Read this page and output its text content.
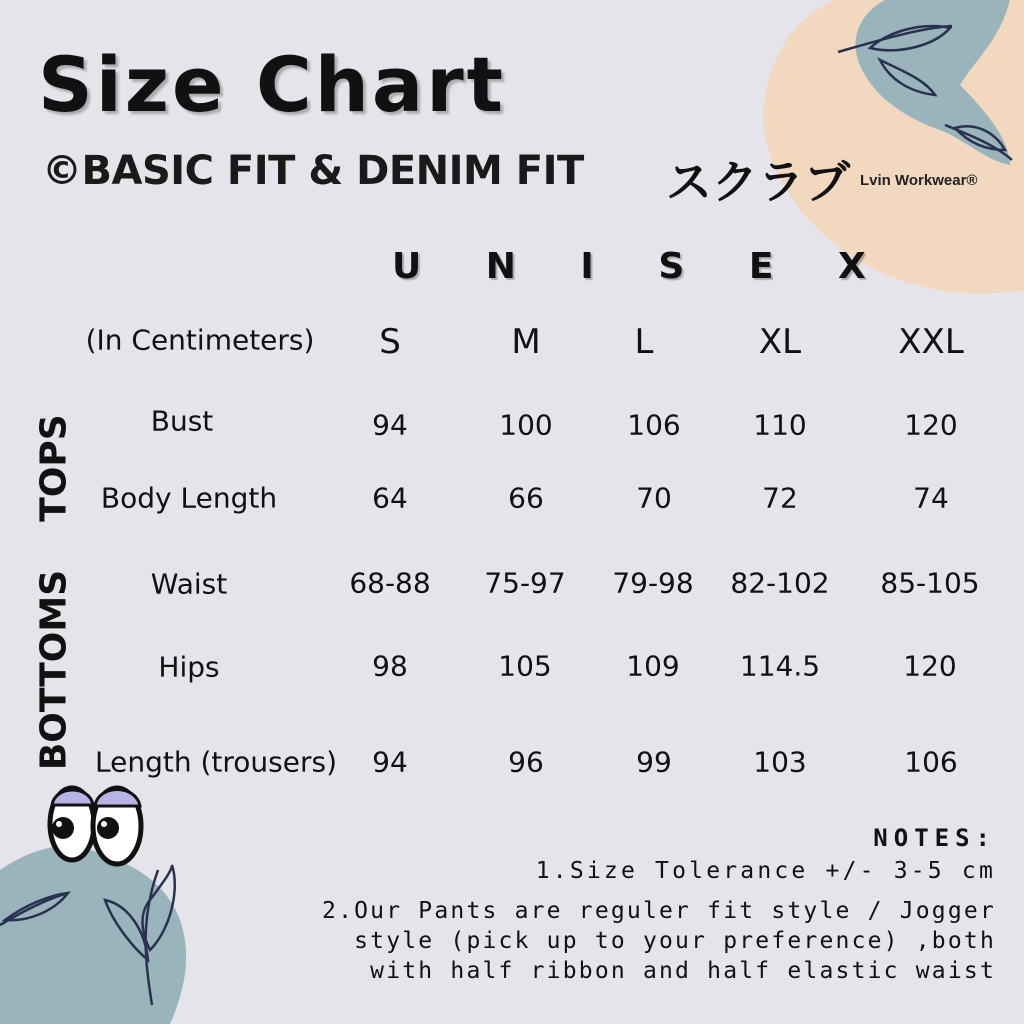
Size Chart
©BASIC FIT & DENIM FIT スクラブ Lvin Workwear®
U N I S E X
(In Centimeters) S	M	L	XL	XXL
TOPS
BOTTOMS
Bust	94	100	106	110	120
Body Length	64	66	70	72	74
Waist	68-88 75-97 79-98 82-102 85-105
Hips	98	105	109 114.5	120
Length (trousers) 94	96	99	103	106
NOTES:
1.Size Tolerance +/- 3-5 cm
2.Our Pants are reguler fit style / Jogger
style (pick up to your preference) ,both
with half ribbon and half elastic waist
